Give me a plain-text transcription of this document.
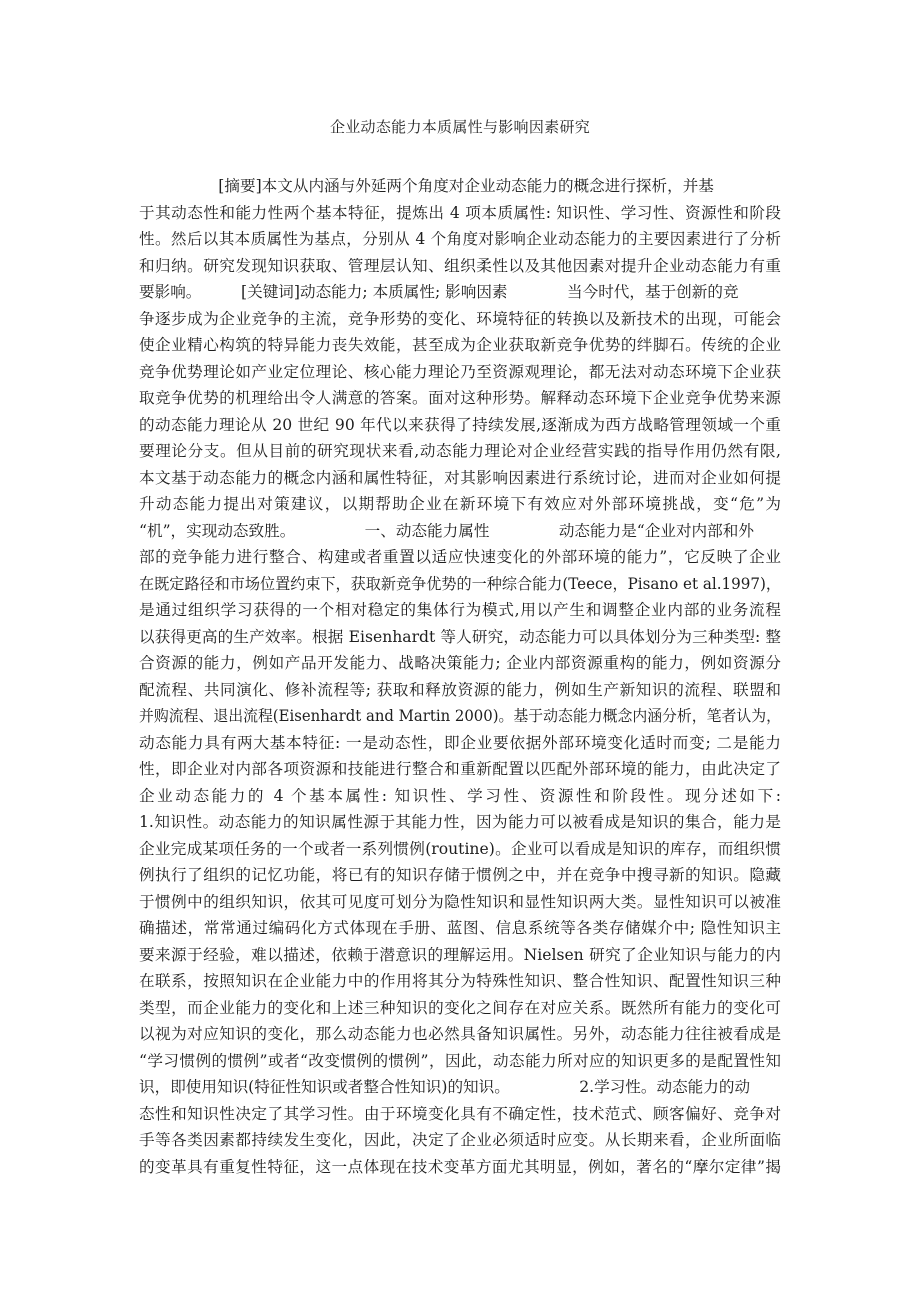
企业动态能力本质属性与影响因素研究
[摘要]本文从内涵与外延两个角度对企业动态能力的概念进行探析，并基
于其动态性和能力性两个基本特征，提炼出 4 项本质属性: 知识性、学习性、资源性和阶段
性。然后以其本质属性为基点，分别从 4 个角度对影响企业动态能力的主要因素进行了分析
和归纳。研究发现知识获取、管理层认知、组织柔性以及其他因素对提升企业动态能力有重
要影响。        [关键词]动态能力; 本质属性; 影响因素            当今时代，基于创新的竞
争逐步成为企业竞争的主流，竞争形势的变化、环境特征的转换以及新技术的出现，可能会
使企业精心构筑的特异能力丧失效能，甚至成为企业获取新竞争优势的绊脚石。传统的企业
竞争优势理论如产业定位理论、核心能力理论乃至资源观理论，都无法对动态环境下企业获
取竞争优势的机理给出令人满意的答案。面对这种形势。解释动态环境下企业竞争优势来源
的动态能力理论从 20 世纪 90 年代以来获得了持续发展,逐渐成为西方战略管理领域一个重
要理论分支。但从目前的研究现状来看,动态能力理论对企业经营实践的指导作用仍然有限,
本文基于动态能力的概念内涵和属性特征，对其影响因素进行系统讨论，进而对企业如何提
升动态能力提出对策建议，以期帮助企业在新环境下有效应对外部环境挑战，变“危”为
“机”，实现动态致胜。              一、动态能力属性              动态能力是“企业对内部和外
部的竞争能力进行整合、构建或者重置以适应快速变化的外部环境的能力”，它反映了企业
在既定路径和市场位置约束下，获取新竞争优势的一种综合能力(Teece，Pisano et al.1997)，
是通过组织学习获得的一个相对稳定的集体行为模式,用以产生和调整企业内部的业务流程
以获得更高的生产效率。根据 Eisenhardt 等人研究，动态能力可以具体划分为三种类型: 整
合资源的能力，例如产品开发能力、战略决策能力; 企业内部资源重构的能力，例如资源分
配流程、共同演化、修补流程等; 获取和释放资源的能力，例如生产新知识的流程、联盟和
并购流程、退出流程(Eisenhardt and Martin 2000)。基于动态能力概念内涵分析，笔者认为，
动态能力具有两大基本特征: 一是动态性，即企业要依据外部环境变化适时而变; 二是能力
性，即企业对内部各项资源和技能进行整合和重新配置以匹配外部环境的能力，由此决定了
企业动态能力的 4 个基本属性: 知识性、学习性、资源性和阶段性。现分述如下:
1.知识性。动态能力的知识属性源于其能力性，因为能力可以被看成是知识的集合，能力是
企业完成某项任务的一个或者一系列惯例(routine)。企业可以看成是知识的库存，而组织惯
例执行了组织的记忆功能，将已有的知识存储于惯例之中，并在竞争中搜寻新的知识。隐藏
于惯例中的组织知识，依其可见度可划分为隐性知识和显性知识两大类。显性知识可以被准
确描述，常常通过编码化方式体现在手册、蓝图、信息系统等各类存储媒介中; 隐性知识主
要来源于经验，难以描述，依赖于潜意识的理解运用。Nielsen 研究了企业知识与能力的内
在联系，按照知识在企业能力中的作用将其分为特殊性知识、整合性知识、配置性知识三种
类型，而企业能力的变化和上述三种知识的变化之间存在对应关系。既然所有能力的变化可
以视为对应知识的变化，那么动态能力也必然具备知识属性。另外，动态能力往往被看成是
“学习惯例的惯例”或者“改变惯例的惯例”，因此，动态能力所对应的知识更多的是配置性知
识，即使用知识(特征性知识或者整合性知识)的知识。              2.学习性。动态能力的动
态性和知识性决定了其学习性。由于环境变化具有不确定性，技术范式、顾客偏好、竞争对
手等各类因素都持续发生变化，因此，决定了企业必须适时应变。从长期来看，企业所面临
的变革具有重复性特征，这一点体现在技术变革方面尤其明显，例如，著名的“摩尔定律”揭
